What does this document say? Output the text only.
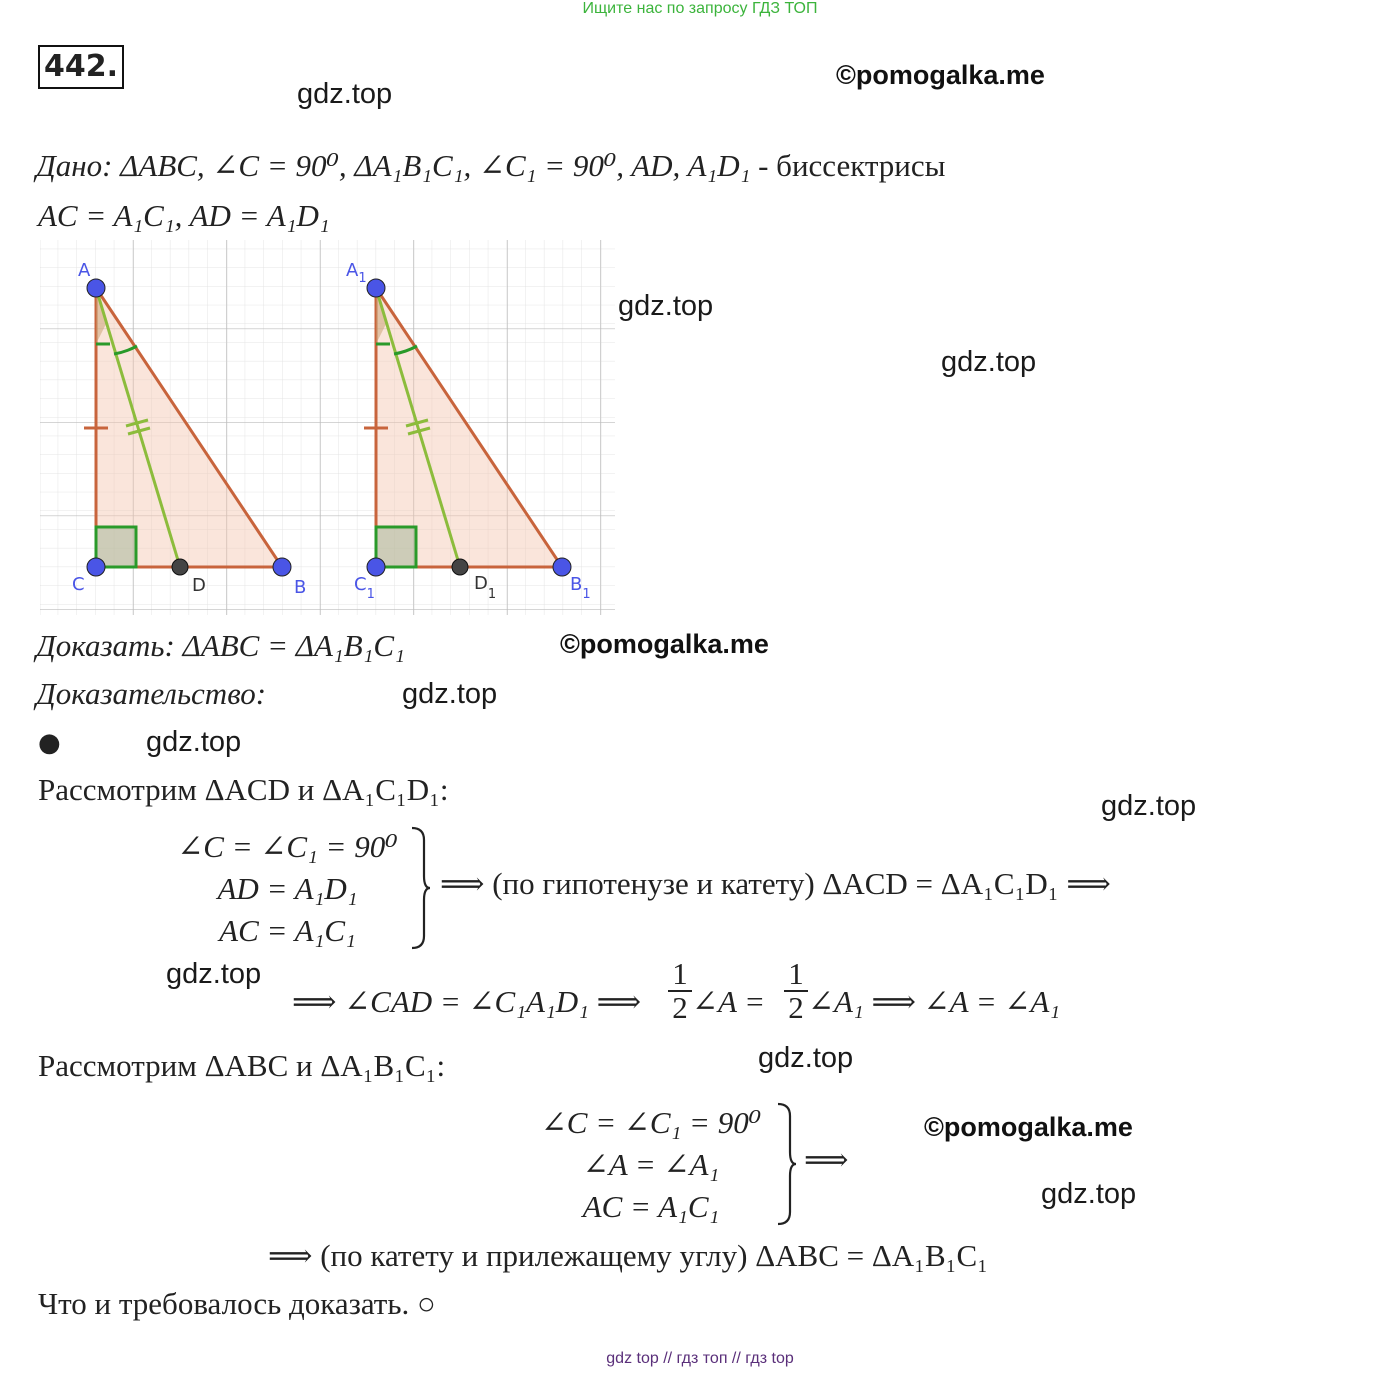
Ищите нас по запросу ГДЗ ТОП
442.
gdz.top
©pomogalka.me
Дано: ΔABC, ∠C = 90⁰, ΔA₁B₁C₁, ∠C₁ = 90⁰, AD, A₁D₁ - биссектрисы
AC = A₁C₁, AD = A₁D₁
A
C	D	B
$A_1$
$C_1$
$D_1$	$B_1$
gdz.top
gdz.top
Доказать: ΔABC = ΔA₁B₁C₁	©pomogalka.me
Доказательство:	gdz.top
●	gdz.top
Рассмотрим ΔACD и ΔA₁C₁D₁:	gdz.top
∠C = ∠C₁ = 90⁰
AD = A₁D₁
AC = A₁C₁
⟹ (по гипотенузе и катету) ΔACD = ΔA₁C₁D₁ ⟹
gdz.top
⟹ ∠CAD = ∠C₁A₁D₁ ⟹ $\frac{1}{2}$ ∠A = $\frac{1}{2}$ ∠A₁ ⟹ ∠A = ∠A₁
Рассмотрим ΔABC и ΔA₁B₁C₁:	gdz.top
∠C = ∠C₁ = 90⁰
∠A = ∠A₁
AC = A₁C₁
⟹
©pomogalka.me
gdz.top
⟹ (по катету и прилежащему углу) ΔABC = ΔA₁B₁C₁
Что и требовалось доказать. ○
gdz top // гдз топ // гдз top
